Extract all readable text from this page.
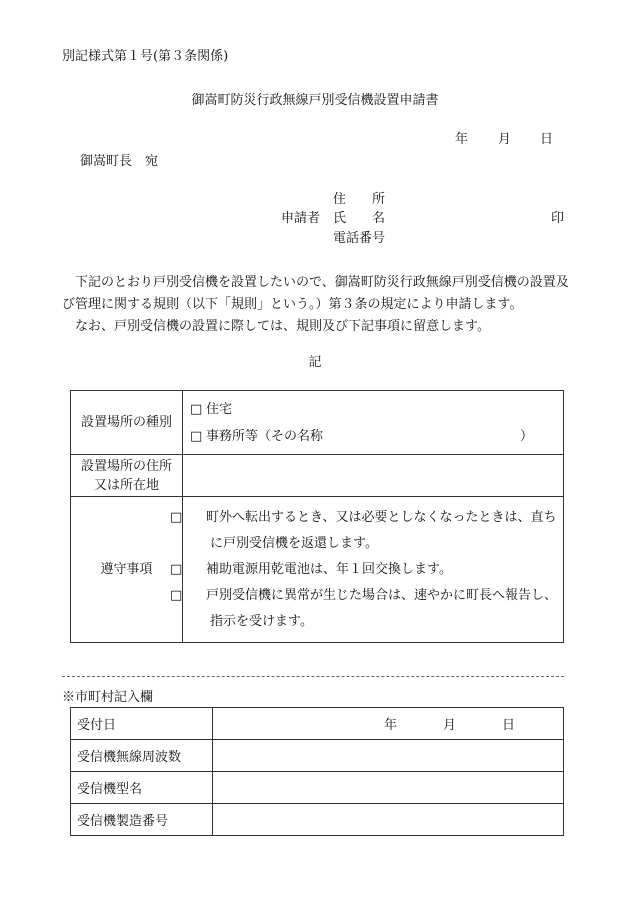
別記様式第１号(第３条関係)
御嵩町防災行政無線戸別受信機設置申請書
年 月 日
御嵩町長　宛
住　　所
申請者 氏　　名	印
電話番号

下記のとおり戸別受信機を設置したいので、御嵩町防災行政無線戸別受信機の設置及び管理に関する規則（以下「規則」という。）第３条の規定により申請します。

なお、戸別受信機の設置に際しては、規則及び下記事項に留意します。

記
設置場所の種別	□ 住宅
□ 事務所等（その名称 ）

設置場所の住所
又は所在地	

遵守事項	□ 町外へ転出するとき、又は必要としなくなったときは、直ちに戸別受信機を返還します。
□ 補助電源用乾電池は、年１回交換します。
□ 戸別受信機に異常が生じた場合は、速やかに町長へ報告し、指示を受けます。
※市町村記入欄
受付日	年 月 日

受信機無線周波数	
受信機型名	
受信機製造番号	
